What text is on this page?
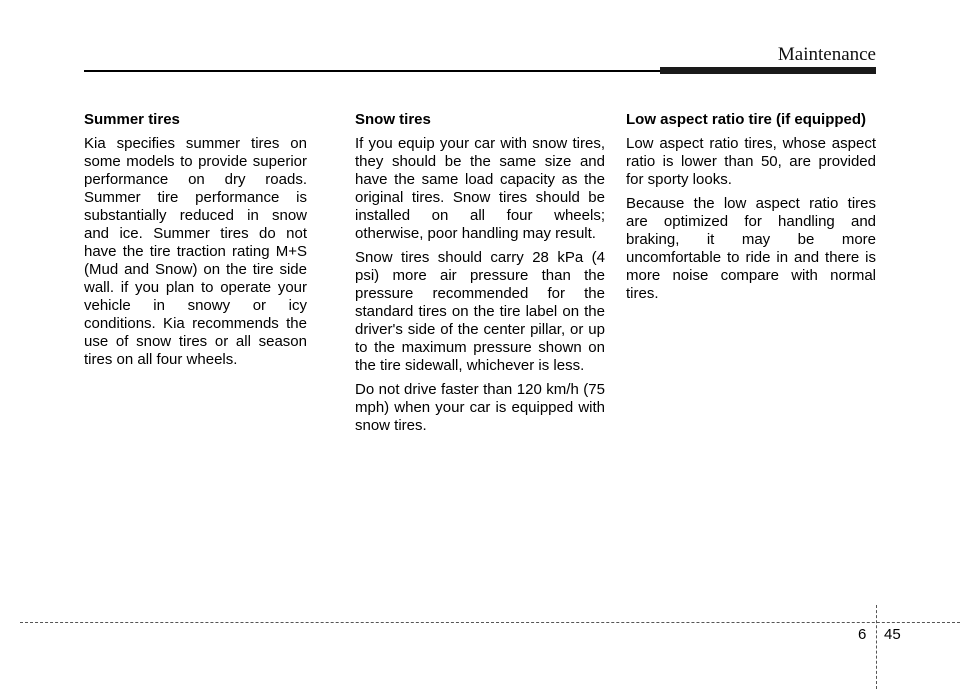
Maintenance
Summer tires

Kia specifies summer tires on some models to provide superior performance on dry roads. Summer tire performance is substantially reduced in snow and ice. Summer tires do not have the tire traction rating M+S (Mud and Snow) on the tire side wall. if you plan to operate your vehicle in snowy or icy conditions. Kia recommends the use of snow tires or all season tires on all four wheels.

Snow tires

If you equip your car with snow tires, they should be the same size and have the same load capacity as the original tires. Snow tires should be installed on all four wheels; otherwise, poor handling may result.

Snow tires should carry 28 kPa (4 psi) more air pressure than the pressure recommended for the standard tires on the tire label on the driver's side of the center pillar, or up to the maximum pressure shown on the tire sidewall, whichever is less.

Do not drive faster than 120 km/h (75 mph) when your car is equipped with snow tires.

Low aspect ratio tire (if equipped)

Low aspect ratio tires, whose aspect ratio is lower than 50, are provided for sporty looks.

Because the low aspect ratio tires are optimized for handling and braking, it may be more uncomfortable to ride in and there is more noise compare with normal tires.

6 45
